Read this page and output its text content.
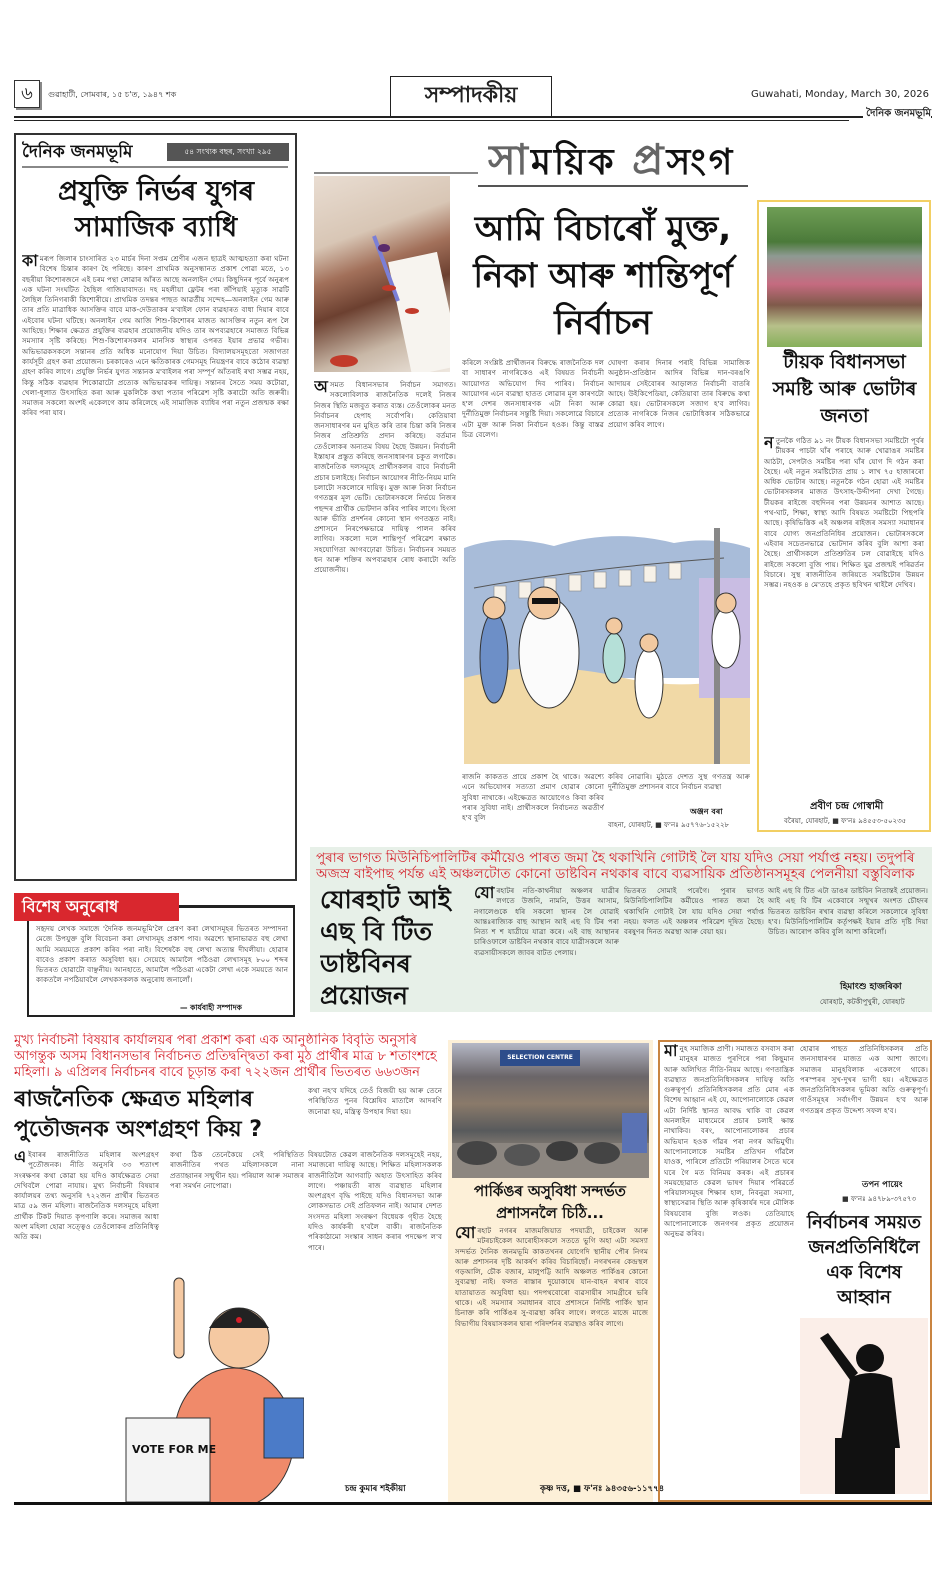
৬	গুৱাহাটী, সোমবাৰ, ১৫ চ'ত, ১৯৪৭ শক	সম্পাদকীয়	Guwahati, Monday, March 30, 2026
দৈনিক জনমভূমি
দৈনিক জনমভূমি	৫৪ সংখ্যক বছৰ, সংখ্যা ২৯৫
প্ৰযুক্তি নিৰ্ভৰ যুগৰ সামাজিক ব্যাধি
কামৰূপ জিলাৰ চাংসাৰিত ২৩ মাৰ্চৰ দিনা সপ্তম শ্ৰেণীৰ এজন ছাত্ৰই আত্মহত্যা কৰা ঘটনা বিশেষ চিন্তাৰ কাৰণ হৈ পৰিছে। কাৰণ প্ৰাথমিক অনুসন্ধানত প্ৰকাশ পোৱা মতে, ১৩ বছৰীয়া কিশোৰজনে এই চৰম পন্থা লোৱাৰ আঁৰত আছে অনলাইন গেম। কিছুদিনৰ পূৰ্বে অনুৰূপ এক ঘটনা সংঘটিত হৈছিল গাজিয়াবাদত। দহ মহলীয়া ফ্লেটৰ পৰা জঁপিয়াই মৃত্যুক সাৱটি লৈছিল তিনিগৰাকী কিশোৰীয়ে। প্ৰাথমিক তদন্তৰ পাছত আৱৰ্তীয় সন্দেহ—অনলাইন গেম আৰু তাৰ প্ৰতি মাত্ৰাধিক আসক্তিৰ বাবে মাক-দেউতাকৰ ম'বাইল ফোন ব্যৱহাৰত বাধা দিয়াৰ বাবে এইবোৰ ঘটনা ঘটিছে। অনলাইন গেম আজি শিশু-কিশোৰৰ মাজত আসক্তিৰ নতুন ৰূপ লৈ আহিছে। শিক্ষাৰ ক্ষেত্ৰত প্ৰযুক্তিৰ ব্যৱহাৰ প্ৰয়োজনীয় যদিও তাৰ অপব্যৱহাৰে সমাজত বিভিন্ন সমস্যাৰ সৃষ্টি কৰিছে। শিশু-কিশোৰসকলৰ মানসিক স্বাস্থ্যৰ ওপৰত ইয়াৰ প্ৰভাৱ গভীৰ। অভিভাৱকসকলে সন্তানৰ প্ৰতি অধিক মনোযোগ দিয়া উচিত। বিদ্যালয়সমূহতো সজাগতা কাৰ্যসূচী গ্ৰহণ কৰা প্ৰয়োজন। চৰকাৰেও এনে ক্ষতিকাৰক গেমসমূহ নিয়ন্ত্ৰণৰ বাবে কঠোৰ ব্যৱস্থা গ্ৰহণ কৰিব লাগে। প্ৰযুক্তি নিৰ্ভৰ যুগত সন্তানক ম'বাইলৰ পৰা সম্পূৰ্ণ আঁতৰাই ৰখা সম্ভৱ নহয়, কিন্তু সঠিক ব্যৱহাৰ শিকোৱাটো প্ৰত্যেক অভিভাৱকৰ দায়িত্ব। সন্তানৰ সৈতে সময় কটোৱা, খেলা-ধূলাত উৎসাহিত কৰা আৰু মুকলিকৈ কথা পতাৰ পৰিৱেশ সৃষ্টি কৰাটো অতি জৰুৰী। সমাজৰ সকলো অংশই একেলগে কাম কৰিলেহে এই সামাজিক ব্যাধিৰ পৰা নতুন প্ৰজন্মক ৰক্ষা কৰিব পৰা যাব।
বিশেষ অনুৰোধ
সহৃদয় লেখক সমাজে 'দৈনিক জনমভূমি'লৈ প্ৰেৰণ কৰা লেখাসমূহৰ ভিতৰত সম্পাদনা মেজে উপযুক্ত বুলি বিবেচনা কৰা লেখাসমূহ প্ৰকাশ পাব। অৱশ্যে স্থানাভাৱত বহু লেখা আমি সময়মতে প্ৰকাশ কৰিব পৰা নাই। বিশেষকৈ বহু লেখা অত্যন্ত দীঘলীয়া। হোৱাৰ বাবেও প্ৰকাশ কৰাত অসুবিধা হয়। সেয়েহে আমালৈ পঠিওৱা লেখাসমূহ ৮০০ শব্দৰ ভিতৰত হোৱাটো বাঞ্ছনীয়। আনহাতে, আমালৈ পঠিওৱা একেটা লেখা একে সময়তে আন কাকতলৈ নপঠিয়াবলৈ লেখকসকলক অনুৰোধ জনালোঁ।
— কাৰ্যবাহী সম্পাদক
সাময়িক প্ৰসংগ
আমি বিচাৰোঁ মুক্ত, নিকা আৰু শান্তিপূৰ্ণ নিৰ্বাচন
অসমত বিধানসভাৰ নিৰ্বাচন সমাগত। সকলোবিলাক ৰাজনৈতিক দলেই নিজৰ নিজৰ স্থিতি মজবুত কৰাত ব্যস্ত। তেওঁলোকৰ মনত নিৰ্বাচনৰ হেপাহ সৰ্বোপৰি। কেতিয়াবা জনসাধাৰণৰ মন মুহিত কৰি তাৰ চিন্তা কৰি নিজৰ নিজৰ প্ৰতিশ্ৰুতি প্ৰদান কৰিছে। বৰ্তমান তেওঁলোকৰ অন্যতম বিষয় হৈছে উন্নয়ন। নিৰ্বাচনী ইস্তাহাৰ প্ৰস্তুত কৰিছে জনসাধাৰণৰ চকুত লগাকৈ। ৰাজনৈতিক দলসমূহে প্ৰাৰ্থীসকলৰ বাবে নিৰ্বাচনী প্ৰচাৰ চলাইছে। নিৰ্বাচন আয়োগৰ নীতি-নিয়ম মানি চলাটো সকলোৰে দায়িত্ব। মুক্ত আৰু নিকা নিৰ্বাচন গণতন্ত্ৰৰ মূল ভেটি। ভোটাৰসকলে নিৰ্ভয়ে নিজৰ পছন্দৰ প্ৰাৰ্থীক ভোটদান কৰিব পাৰিব লাগে। হিংসা আৰু ভীতি প্ৰদৰ্শনৰ কোনো স্থান গণতন্ত্ৰত নাই। প্ৰশাসনে নিৰপেক্ষভাৱে দায়িত্ব পালন কৰিব লাগিব। সকলো দলে শান্তিপূৰ্ণ পৰিৱেশ ৰক্ষাত সহযোগিতা আগবঢ়োৱা উচিত। নিৰ্বাচনৰ সময়ত ধন আৰু শক্তিৰ অপব্যৱহাৰ ৰোধ কৰাটো অতি প্ৰয়োজনীয়।
কৰিলে সংশ্লিষ্ট প্ৰাৰ্থীজনৰ বিৰুদ্ধে ৰাজনৈতিক দল বা সাধাৰণ নাগৰিকেও এই বিষয়ত নিৰ্বাচনী আয়োগত অভিযোগ দিব পাৰিব। নিৰ্বাচন আয়োগৰ এনে ব্যৱস্থা হাতত লোৱাৰ মূল কাৰণটো হ'ল দেশৰ জনসাধাৰণক এটা নিকা আৰু দুৰ্নীতিমুক্ত নিৰ্বাচনৰ সন্তুষ্টি দিয়া। সকলোৱে বিচাৰে এটা মুক্ত আৰু নিকা নিৰ্বাচন হওক। কিন্তু বাস্তৱ চিত্ৰ বেলেগ।
ঘোষণা কৰাৰ দিনাৰ পৰাই বিভিন্ন সামাজিক অনুষ্ঠান-প্ৰতিষ্ঠান আদিৰ বিভিন্ন দান-বৰঙণি আদায়ৰ সেইবোৰৰ আড়ালত নিৰ্বাচনী বাতৰি আহে। উইকিপেডিয়া, কেতিয়াবা তাৰ বিৰুদ্ধে কথা কোৱা হয়। ভোটাৰসকলে সজাগ হ'ব লাগিব। প্ৰত্যেক নাগৰিকে নিজৰ ভোটাধিকাৰ সঠিকভাৱে প্ৰয়োগ কৰিব লাগে।
ৰাজনি কাকতত প্ৰায়ে প্ৰকাশ হৈ থাকে। অৱশ্যে এনে অভিযোগৰ সত্যতা প্ৰমাণ হোৱাৰ কোনো সুবিধা নাথাকে। এইক্ষেত্ৰত আয়োগেও কিবা কৰিব পৰাৰ সুবিধা নাই। প্ৰাৰ্থীসকলে নিৰ্বাচনত অৱতীৰ্ণ হ'ব বুলি
কৰিব নোৱাৰি। মুঠতে দেশত সুস্থ গণতন্ত্ৰ আৰু দুৰ্নীতিমুক্ত প্ৰশাসনৰ বাবে নিৰ্বাচন ব্যৱস্থা
অঞ্জন বৰা
বাহনা, যোৰহাট, ■ ফ'নঃ ৯৫৭৭৬-১৫২২৮
টীয়ক বিধানসভা সমষ্টি আৰু ভোটাৰ জনতা
নতুনকৈ গঠিত ৯১ নং টীয়ক বিধানসভা সমষ্টিটো পূৰ্বৰ টীয়কৰ পাচটা ঘাঁৰ পৰাহে আৰু খোৱাঙৰ সমষ্টিৰ আঠটা, সেপটাও সমষ্টিৰ পৰা ঘাঁৰ যোগ দি গঠন কৰা হৈছে। এই নতুন সমষ্টিটোত প্ৰায় ১ লাখ ৭৫ হাজাৰৰো অধিক ভোটাৰ আছে। নতুনকৈ গঠন হোৱা এই সমষ্টিৰ ভোটাৰসকলৰ মাজত উৎসাহ-উদ্দীপনা দেখা গৈছে। টীয়কৰ ৰাইজে বহুদিনৰ পৰা উন্নয়নৰ আশাত আছে। পথ-ঘাট, শিক্ষা, স্বাস্থ্য আদি বিষয়ত সমষ্টিটো পিছপৰি আছে। কৃষিভিত্তিক এই অঞ্চলৰ ৰাইজৰ সমস্যা সমাধানৰ বাবে যোগ্য জনপ্ৰতিনিধিৰ প্ৰয়োজন। ভোটাৰসকলে এইবাৰ সচেতনভাৱে ভোটদান কৰিব বুলি আশা কৰা হৈছে। প্ৰাৰ্থীসকলে প্ৰতিশ্ৰুতিৰ ঢল বোৱাইছে যদিও ৰাইজে সকলো বুজি পায়। শিক্ষিত যুৱ প্ৰজন্মই পৰিৱৰ্তন বিচাৰে। সুস্থ ৰাজনীতিৰ জৰিয়তে সমষ্টিটোৰ উন্নয়ন সম্ভৱ। নহওক ৪ মে'তহে প্ৰকৃত ছবিখন থাইলৈ দেখিব।
প্ৰবীণ চন্দ্ৰ গোস্বামী
বৰৈয়া, যোৰহাট, ■ ফ'নঃ ৯৪৫৫৩-৫০২৩৫
পুৰাৰ ভাগত মিউনিচিপালিটিৰ কৰ্মীয়েও পাৰত জমা হৈ থকাখিনি গোটাই লৈ যায় যদিও সেয়া পৰ্যাপ্ত নহয়। তদুপৰি অজস্ৰ বাইপাছ পৰ্যন্ত এই অঞ্চলটোত কোনো ডাষ্টবিন নথকাৰ বাবে ব্যৱসায়িক প্ৰতিষ্ঠানসমূহৰ পেলনীয়া বস্তুবিলাক
যোৰহাট আই এছ বি টিত ডাষ্টবিনৰ প্ৰয়োজন
যোৰহাটৰ নতি-কাথনীয়া অঞ্চলৰ যাত্ৰীৰ লগতে উজনি, নামনি, উত্তৰ আসাম, নগালেণ্ডকে ধৰি সকলো স্থানৰ লৈ যোৱাই আন্তঃৰাজ্যিক বাছ আস্থান আই এছ বি টিৰ পৰা নিত্য শ শ যাত্ৰীয়ে যাত্ৰা কৰে। এই বাছ আস্থানৰ চাৰিওফালে ডাষ্টবিন নথকাৰ বাবে যাত্ৰীসকলে আৰু ব্যৱসায়ীসকলে জাবৰ বাটত পেলায়।
ভিতৰত সোমাই পৰেগৈ। পুৰাৰ ভাগত মিউনিচিপালিটিৰ কৰ্মীয়েও পাৰত জমা হৈ থকাখিনি গোটাই লৈ যায় যদিও সেয়া পৰ্যাপ্ত নহয়। ফলত এই অঞ্চলৰ পৰিৱেশ দূষিত হৈছে। বৰষুণৰ দিনত অৱস্থা আৰু বেয়া হয়।
আই এছ বি টিত এটা ডাঙৰ ডাষ্টবিন নিতান্তই প্ৰয়োজন। আই এছ বি টিৰ একেবাৰে সন্মুখৰ অংশত চৌহদৰ ভিতৰত ডাষ্টবিন ৰখাৰ ব্যৱস্থা কৰিলে সকলোৰে সুবিধা হ'ব। মিউনিচিপালিটিৰ কৰ্তৃপক্ষই ইয়াৰ প্ৰতি দৃষ্টি দিয়া উচিত। আৰোপ কৰিব বুলি আশা কৰিলোঁ।
হিমাংশু হাজৰিকা
যোৰহাট, কটকীপুখুৰী, যোৰহাট
মুখ্য নিৰ্বাচনী বিষয়াৰ কাৰ্যালয়ৰ পৰা প্ৰকাশ কৰা এক আনুষ্ঠানিক বিবৃতি অনুসৰি আগন্তুক অসম বিধানসভাৰ নিৰ্বাচনত প্ৰতিদ্বন্দ্বিতা কৰা মুঠ প্ৰাৰ্থীৰ মাত্ৰ ৮ শতাংশহে মহিলা। ৯ এপ্ৰিলৰ নিৰ্বাচনৰ বাবে চূড়ান্ত কৰা ৭২২জন প্ৰাৰ্থীৰ ভিতৰত ৬৬৩জন
ৰাজনৈতিক ক্ষেত্ৰত মহিলাৰ পুতৌজনক অংশগ্ৰহণ কিয় ?
কথা নহ'ব যদিহে তেওঁ বিজয়ী হয় আৰু তেনে পৰিস্থিতিত পুনৰ বিশ্লেষিব মাতালৈ আদৰণি জনোৱা হয়, মন্ত্ৰিত্ব উপহাৰ দিয়া হয়।
এইবাৰৰ ৰাজনীতিত মহিলাৰ অংশগ্ৰহণ পুতৌজনক। নীতি অনুসৰি ৩৩ শতাংশ সংৰক্ষণৰ কথা কোৱা হয় যদিও কাৰ্যক্ষেত্ৰত সেয়া দেখিবলৈ পোৱা নাযায়। মুখ্য নিৰ্বাচনী বিষয়াৰ কাৰ্যালয়ৰ তথ্য অনুসৰি ৭২২জন প্ৰাৰ্থীৰ ভিতৰত মাত্ৰ ৫৯ জন মহিলা। ৰাজনৈতিক দলসমূহে মহিলা প্ৰাৰ্থীক টিকট দিয়াত কৃপণালি কৰে। সমাজৰ আধা অংশ মহিলা হোৱা সত্ত্বেও তেওঁলোকৰ প্ৰতিনিধিত্ব অতি কম।
কথা ঠিক তেনেকৈয়ে সেই পৰিস্থিতিত ৰাজনীতিৰ পথত মহিলাসকলে নানা প্ৰত্যাহ্বানৰ সন্মুখীন হয়। পৰিয়াল আৰু সমাজৰ পৰা সমৰ্থন নোপোৱা।
বিষয়টোত কেৱল ৰাজনৈতিক দলসমূহেই নহয়, সমাজৰো দায়িত্ব আছে। শিক্ষিত মহিলাসকলক ৰাজনীতিলৈ আগবাঢ়ি অহাত উৎসাহিত কৰিব লাগে। পঞ্চায়তী ৰাজ ব্যৱস্থাত মহিলাৰ অংশগ্ৰহণ বৃদ্ধি পাইছে যদিও বিধানসভা আৰু লোকসভাত সেই প্ৰতিফলন নাই। আমাৰ দেশত সংসদত মহিলা সংৰক্ষণ বিধেয়ক গৃহীত হৈছে যদিও কাৰ্যকৰী হ'বলৈ বাকী। ৰাজনৈতিক পৰিকাঠামো সংস্কাৰ সাধন কৰাৰ পদক্ষেপ ল'ব পাৰে।
VOTE FOR ME
চন্দ্ৰ কুমাৰ শইকীয়া
SELECTION CENTRE
পাৰ্কিঙৰ অসুবিধা সন্দৰ্ভত প্ৰশাসনলৈ চিঠি...
যোৰহাট নগৰৰ মাজমজিয়াত পদযাত্ৰী, চাইকেল আৰু মটৰচাইকেল আৰোহীসকলে সততে ভুগি অহা এটা সমস্যা সন্দৰ্ভত দৈনিক জনমভূমি কাকতখনৰ যোগেদি স্থানীয় পৌৰ নিগম আৰু প্ৰশাসনৰ দৃষ্টি আকৰ্ষণ কৰিব বিচাৰিছোঁ। নগৰখনৰ কেন্দ্ৰস্থল গড়আলি, চৌক বজাৰ, মালুপট্টি আদি অঞ্চলত পাৰ্কিঙৰ কোনো সুব্যৱস্থা নাই। ফলত ৰাস্তাৰ দুয়োকাষে যান-বাহন ৰখাৰ বাবে যাতায়াতত অসুবিধা হয়। পদপথবোৰো ব্যৱসায়ীৰ সামগ্ৰীৰে ভৰি থাকে। এই সমস্যাৰ সমাধানৰ বাবে প্ৰশাসনে নিৰ্দিষ্ট পাৰ্কিং স্থান চিনাক্ত কৰি পাৰ্কিঙৰ সু-ব্যৱস্থা কৰিব লাগে। লগতে মাজে মাজে বিভাগীয় বিষয়াসকলৰ দ্বাৰা পৰিদৰ্শনৰ ব্যৱস্থাও কৰিব লাগে।
কৃষ্ণ দত্ত, ■ ফ'নঃ ৯৪৩৫৬-১১৭৭৪
মানুহ সমাজিক প্ৰাণী। সমাজত বসবাস কৰা মানুহৰ মাজত পুৰণিৰে পৰা কিছুমান আৰু অলিখিত নীতি-নিয়ম আছে। গণতান্ত্ৰিক ব্যৱস্থাত জনপ্ৰতিনিধিসকলৰ দায়িত্ব অতি গুৰুত্বপূৰ্ণ। প্ৰতিনিধিসকলৰ প্ৰতি মোৰ এক বিশেষ আহ্বান এই যে, আপোনালোকে কেৱল এটা নিৰ্দিষ্ট স্থানত আবদ্ধ থাকি বা কেৱল অনলাইন মাধ্যমেৰে প্ৰচাৰ চলাই ক্ষান্ত নাথাকিব। বৰং, আপোনালোকৰ প্ৰচাৰ অভিযান হওক গাঁৱৰ পৰা নগৰ অভিমুখী। আপোনালোকে সমষ্টিৰ প্ৰতিখন গাঁৱলৈ যাওক, পাৰিলে প্ৰতিটো পৰিয়ালৰ সৈতে ঘৰে ঘৰে গৈ মত বিনিময় কৰক। এই প্ৰচাৰৰ সময়ছোৱাত কেৱল ভাষণ দিয়াৰ পৰিৱৰ্তে পৰিয়ালসমূহৰ শিক্ষাৰ হাল, নিবনুৱা সমস্যা, স্বাস্থ্যসেৱাৰ স্থিতি আৰু কৃষিকাৰ্যৰ দৰে মৌলিক বিষয়বোৰ বুজি লওক। তেতিয়াহে আপোনালোকে জনগণৰ প্ৰকৃত প্ৰয়োজন অনুভৱ কৰিব।
হোৱাৰ পাছত প্ৰতিনিধিসকলৰ প্ৰতি জনসাধাৰণৰ মাজত এক আশা জাগে। সমাজৰ মানুহবিলাক একেলগে থাকে। পৰস্পৰৰ সুখ-দুখৰ ভাগী হয়। এইক্ষেত্ৰত জনপ্ৰতিনিধিসকলৰ ভূমিকা অতি গুৰুত্বপূৰ্ণ। গাওঁসমূহৰ সৰ্বাংগীণ উন্নয়ন হ'ব আৰু গণতন্ত্ৰৰ প্ৰকৃত উদ্দেশ্য সফল হ'ব।
তপন পায়েং
■ ফ'নঃ ৯৪৭৮৯-৩৭৫৭৩
নিৰ্বাচনৰ সময়ত জনপ্ৰতিনিধিলৈ এক বিশেষ আহ্বান
